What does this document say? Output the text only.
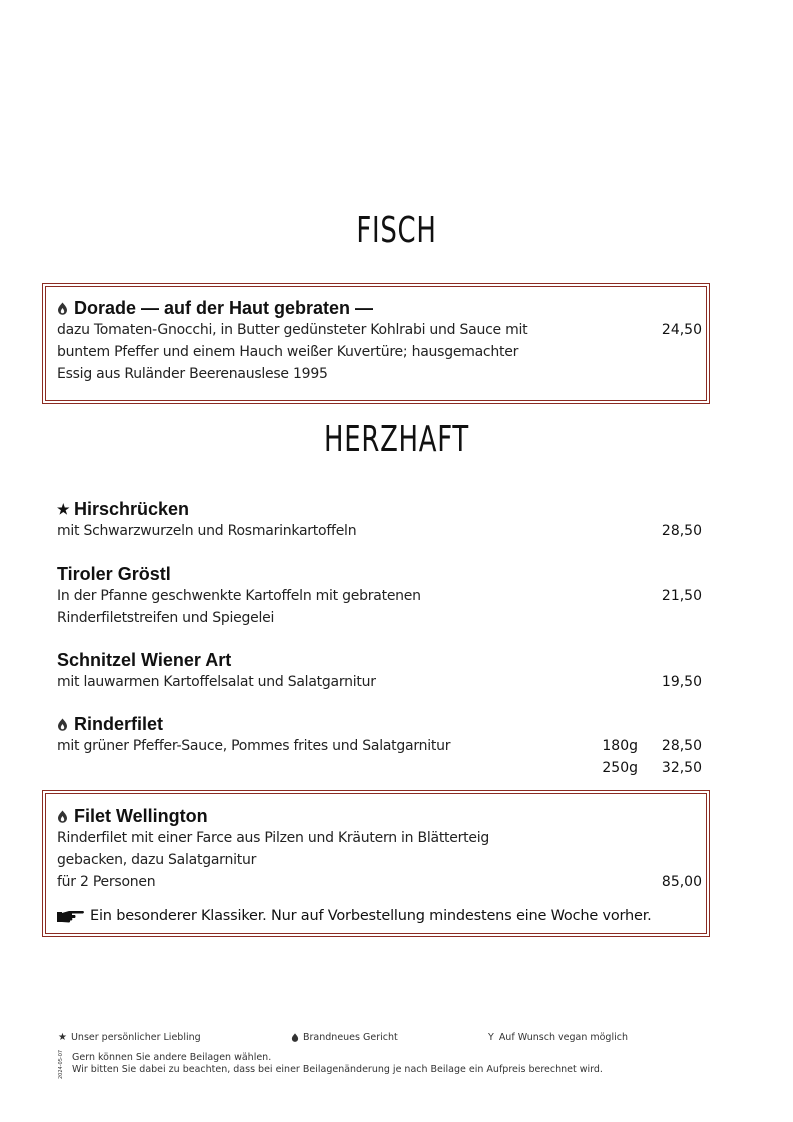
FISCH
Dorade — auf der Haut gebraten —
dazu Tomaten-Gnocchi, in Butter gedünsteter Kohlrabi und Sauce mit
buntem Pfeffer und einem Hauch weißer Kuvertüre; hausgemachter
Essig aus Ruländer Beerenauslese 1995
24,50
HERZHAFT
★ Hirschrücken
mit Schwarzwurzeln und Rosmarinkartoffeln	28,50
Tiroler Gröstl
In der Pfanne geschwenkte Kartoffeln mit gebratenen
Rinderfiletstreifen und Spiegelei
21,50
Schnitzel Wiener Art
mit lauwarmen Kartoffelsalat und Salatgarnitur	19,50
Rinderfilet
mit grüner Pfeffer-Sauce, Pommes frites und Salatgarnitur	180g 28,50
250g 32,50
Filet Wellington
Rinderfilet mit einer Farce aus Pilzen und Kräutern in Blätterteig
gebacken, dazu Salatgarnitur
für 2 Personen	85,00
Ein besonderer Klassiker. Nur auf Vorbestellung mindestens eine Woche vorher.
★ Unser persönlicher Liebling	Brandneues Gericht	Y Auf Wunsch vegan möglich
2024-05-07 Gern können Sie andere Beilagen wählen.
Wir bitten Sie dabei zu beachten, dass bei einer Beilagenänderung je nach Beilage ein Aufpreis berechnet wird.
